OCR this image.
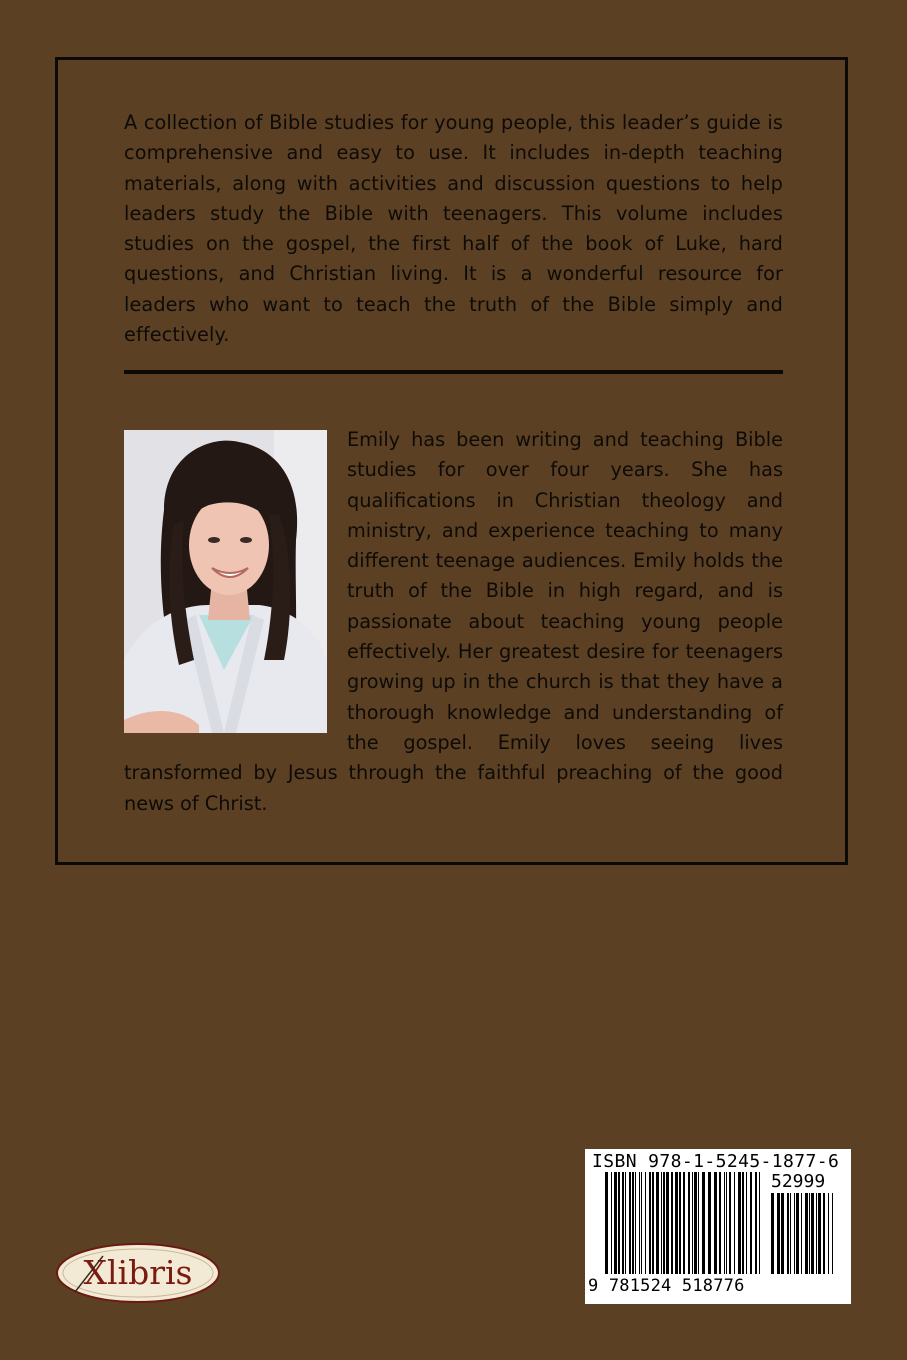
A collection of Bible studies for young people, this leader’s guide is comprehensive and easy to use. It includes in-depth teaching materials, along with activities and discussion questions to help leaders study the Bible with teenagers. This volume includes studies on the gospel, the first half of the book of Luke, hard questions, and Christian living. It is a wonderful resource for leaders who want to teach the truth of the Bible simply and effectively.

Emily has been writing and teaching Bible studies for over four years. She has qualifications in Christian theology and ministry, and experience teaching to many different teenage audiences. Emily holds the truth of the Bible in high regard, and is passionate about teaching young people effectively. Her greatest desire for teenagers growing up in the church is that they have a thorough knowledge and understanding of the gospel. Emily loves seeing lives transformed by Jesus through the faithful preaching of the good news of Christ.

Xlibris
ISBN 978-1-5245-1877-6
52999
9 781524 518776
